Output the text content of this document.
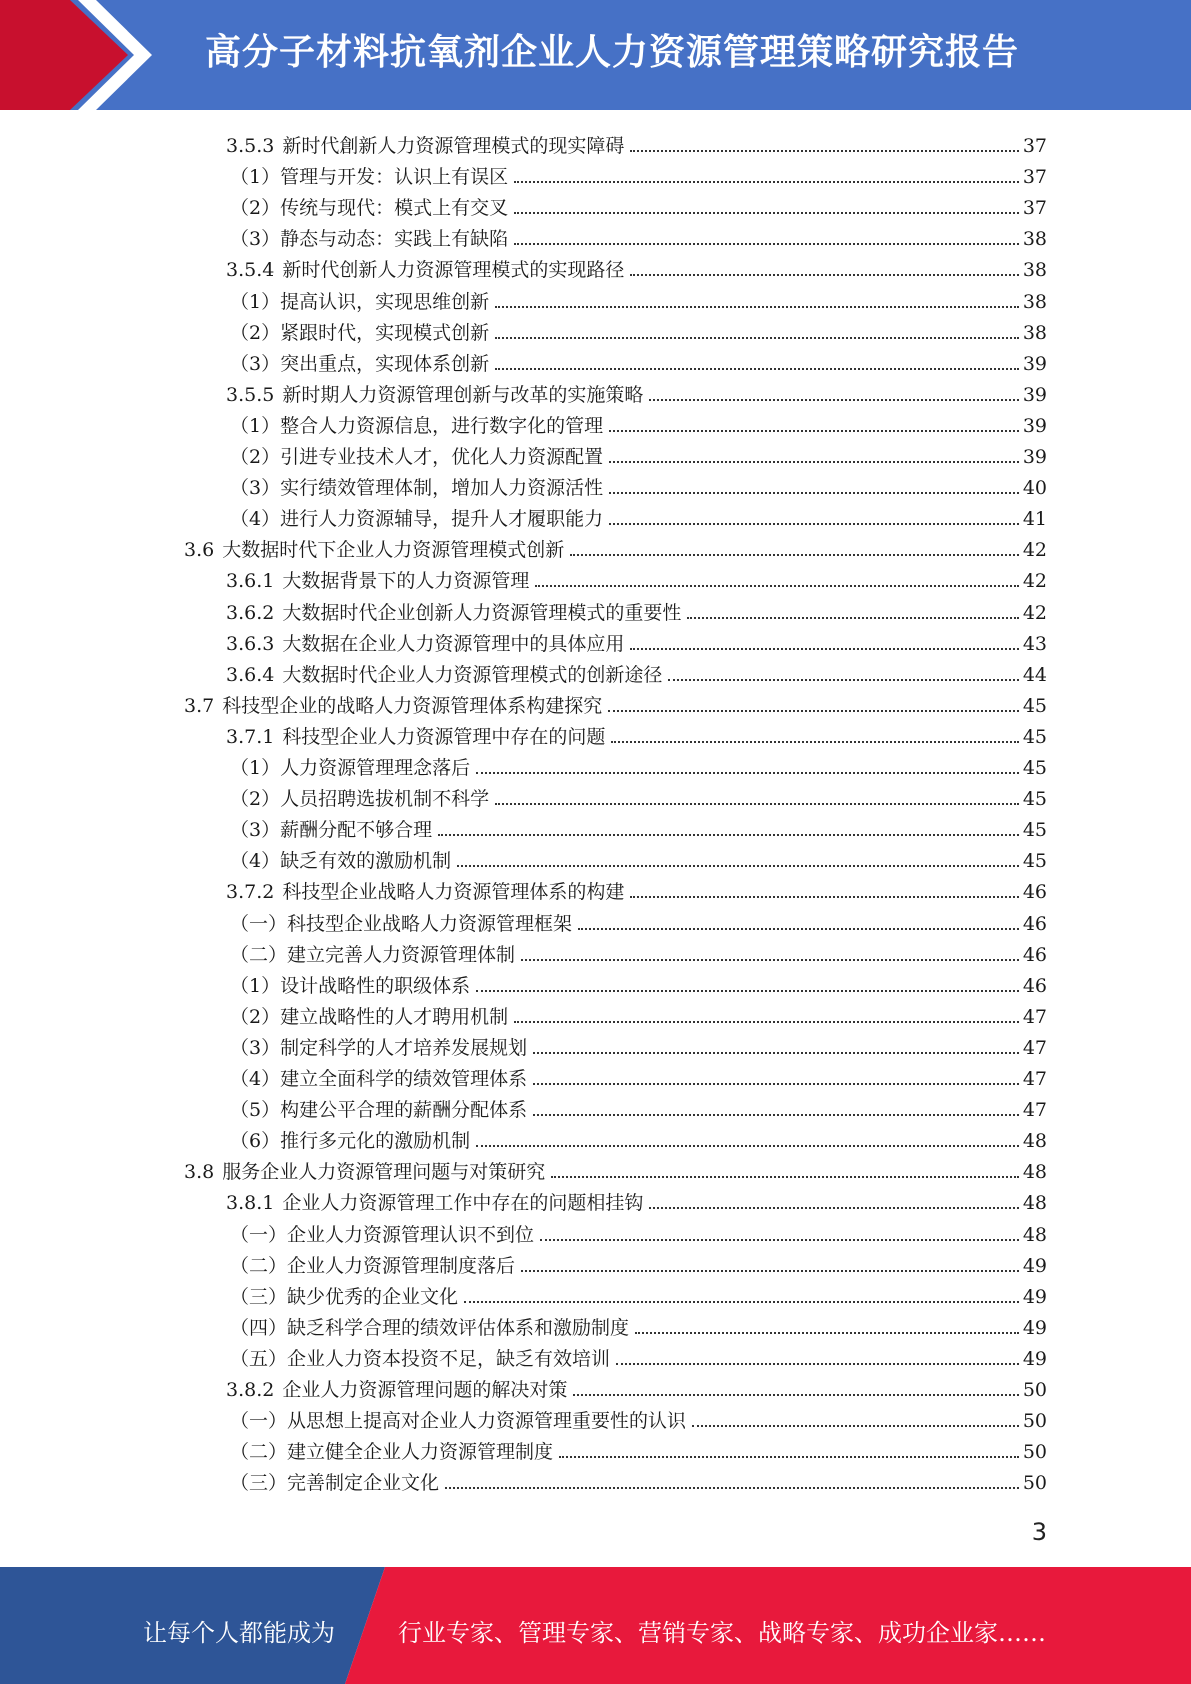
高分子材料抗氧剂企业人力资源管理策略研究报告
3.5.3 新时代創新人力资源管理模式的现实障碍	37
（1）管理与开发：认识上有误区	37
（2）传统与现代：模式上有交叉	37
（3）静态与动态：实践上有缺陷	38
3.5.4 新时代创新人力资源管理模式的实现路径	38
（1）提高认识，实现思维创新	38
（2）紧跟时代，实现模式创新	38
（3）突出重点，实现体系创新	39
3.5.5 新时期人力资源管理创新与改革的实施策略	39
（1）整合人力资源信息，进行数字化的管理	39
（2）引进专业技术人才，优化人力资源配置	39
（3）实行绩效管理体制，增加人力资源活性	40
（4）进行人力资源辅导，提升人才履职能力	41
3.6 大数据时代下企业人力资源管理模式创新	42
3.6.1 大数据背景下的人力资源管理	42
3.6.2 大数据时代企业创新人力资源管理模式的重要性	42
3.6.3 大数据在企业人力资源管理中的具体应用	43
3.6.4 大数据时代企业人力资源管理模式的创新途径	44
3.7 科技型企业的战略人力资源管理体系构建探究	45
3.7.1 科技型企业人力资源管理中存在的问题	45
（1）人力资源管理理念落后	45
（2）人员招聘选拔机制不科学	45
（3）薪酬分配不够合理	45
（4）缺乏有效的激励机制	45
3.7.2 科技型企业战略人力资源管理体系的构建	46
（一）科技型企业战略人力资源管理框架	46
（二）建立完善人力资源管理体制	46
（1）设计战略性的职级体系	46
（2）建立战略性的人才聘用机制	47
（3）制定科学的人才培养发展规划	47
（4）建立全面科学的绩效管理体系	47
（5）构建公平合理的薪酬分配体系	47
（6）推行多元化的激励机制	48
3.8 服务企业人力资源管理问题与对策研究	48
3.8.1 企业人力资源管理工作中存在的问题相挂钩	48
（一）企业人力资源管理认识不到位	48
（二）企业人力资源管理制度落后	49
（三）缺少优秀的企业文化	49
（四）缺乏科学合理的绩效评估体系和激励制度	49
（五）企业人力资本投资不足，缺乏有效培训	49
3.8.2 企业人力资源管理问题的解决对策	50
（一）从思想上提高对企业人力资源管理重要性的认识	50
（二）建立健全企业人力资源管理制度	50
（三）完善制定企业文化	50
3
让每个人都能成为	行业专家、管理专家、营销专家、战略专家、成功企业家……
